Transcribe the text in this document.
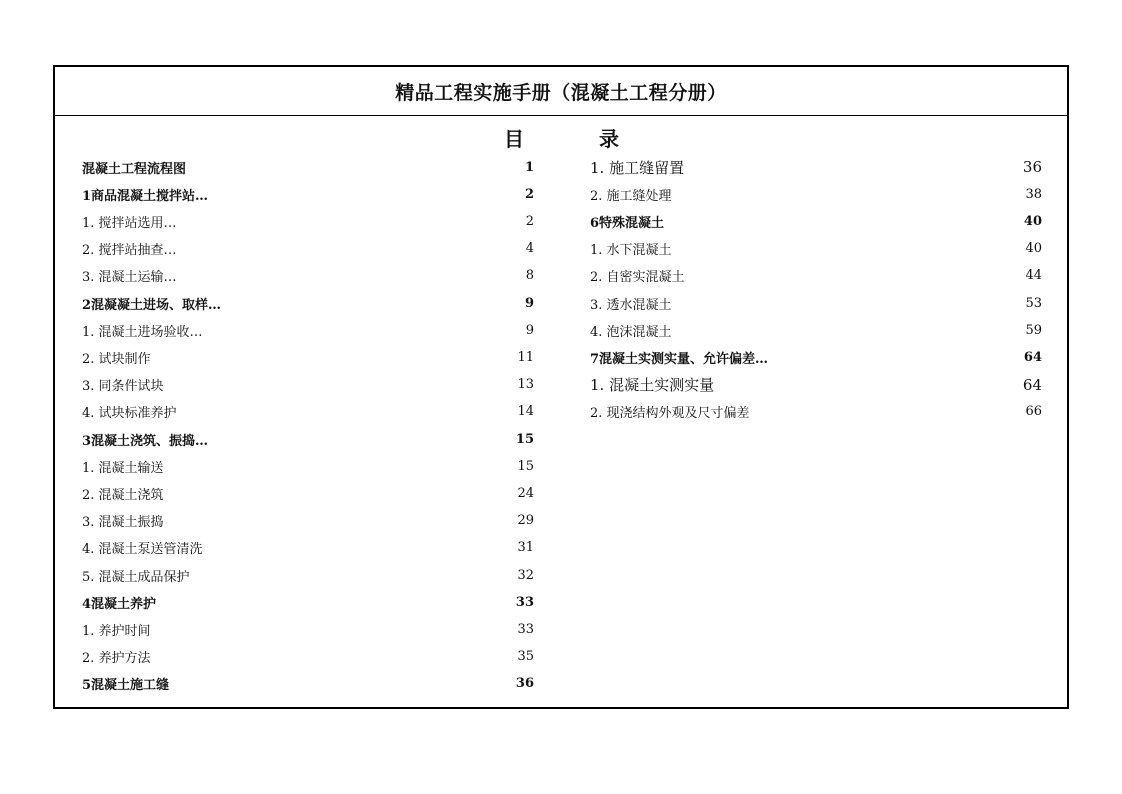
精品工程实施手册（混凝土工程分册）
目	录
混凝土工程流程图	1
1商品混凝土搅拌站…	2
1. 搅拌站选用…	2
2. 搅拌站抽查…	4
3. 混凝土运输…	8
2混凝凝土进场、取样…	9
1. 混凝土进场验收…	9
2. 试块制作	11
3. 同条件试块	13
4. 试块标准养护	14
3混凝土浇筑、振捣…	15
1. 混凝土输送	15
2. 混凝土浇筑	24
3. 混凝土振捣	29
4. 混凝土泵送管清洗	31
5. 混凝土成品保护	32
4混凝土养护	33
1. 养护时间	33
2. 养护方法	35
5混凝土施工缝	36
1. 施工缝留置	36
2. 施工缝处理	38
6特殊混凝土	40
1. 水下混凝土	40
2. 自密实混凝土	44
3. 透水混凝土	53
4. 泡沫混凝土	59
7混凝土实测实量、允许偏差…	64
1. 混凝土实测实量	64
2. 现浇结构外观及尺寸偏差	66
